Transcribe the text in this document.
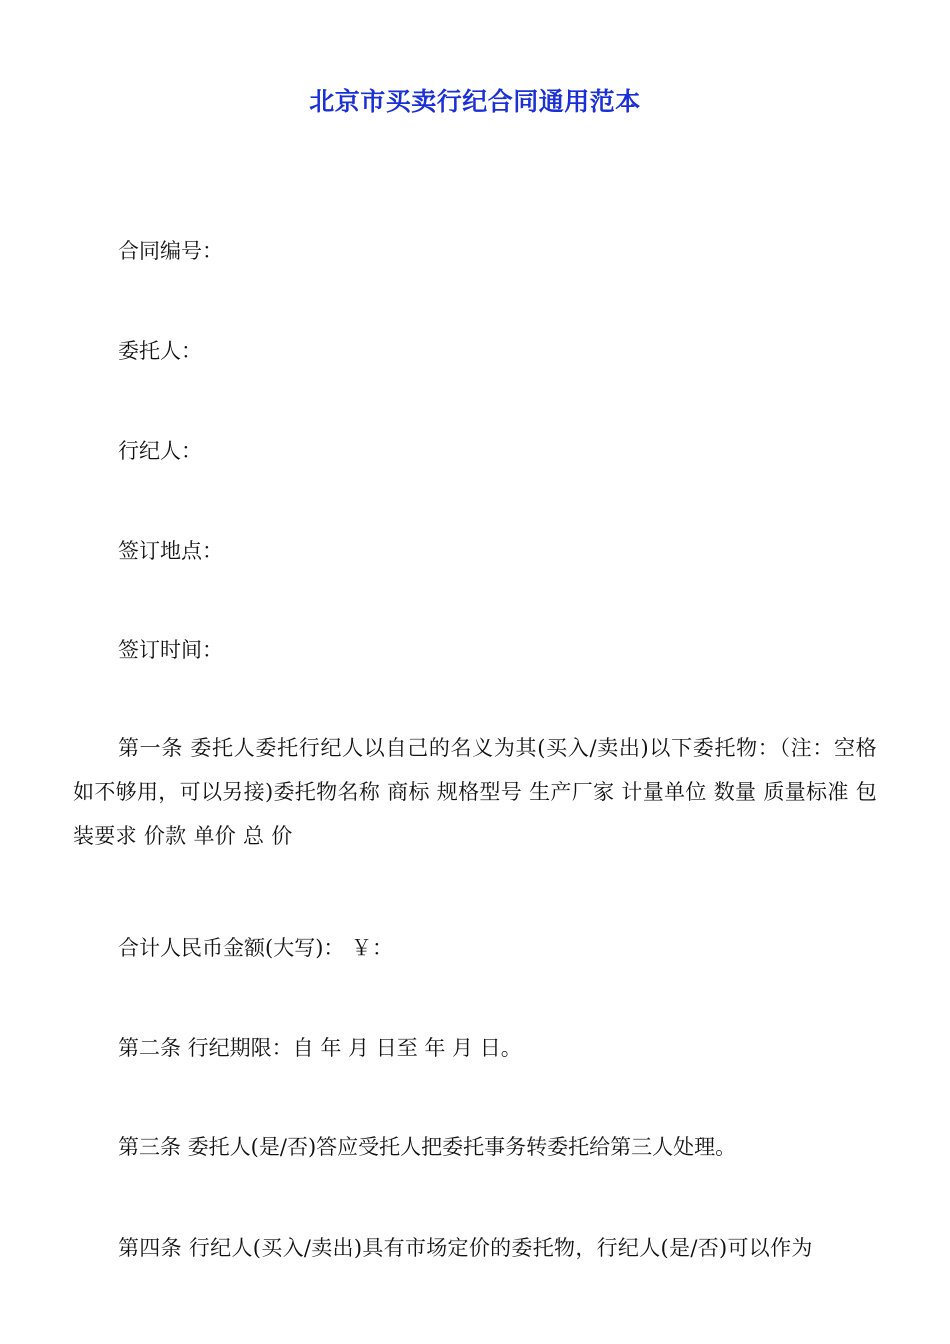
北京市买卖行纪合同通用范本
合同编号：
委托人：
行纪人：
签订地点：
签订时间：
第一条 委托人委托行纪人以自己的名义为其(买入/卖出)以下委托物：（注：空格如不够用，可以另接)委托物名称 商标 规格型号 生产厂家 计量单位 数量 质量标准 包装要求 价款 单价 总 价
合计人民币金额(大写)： ￥：
第二条 行纪期限：自 年 月 日至 年 月 日。
第三条 委托人(是/否)答应受托人把委托事务转委托给第三人处理。
第四条 行纪人(买入/卖出)具有市场定价的委托物，行纪人(是/否)可以作为
